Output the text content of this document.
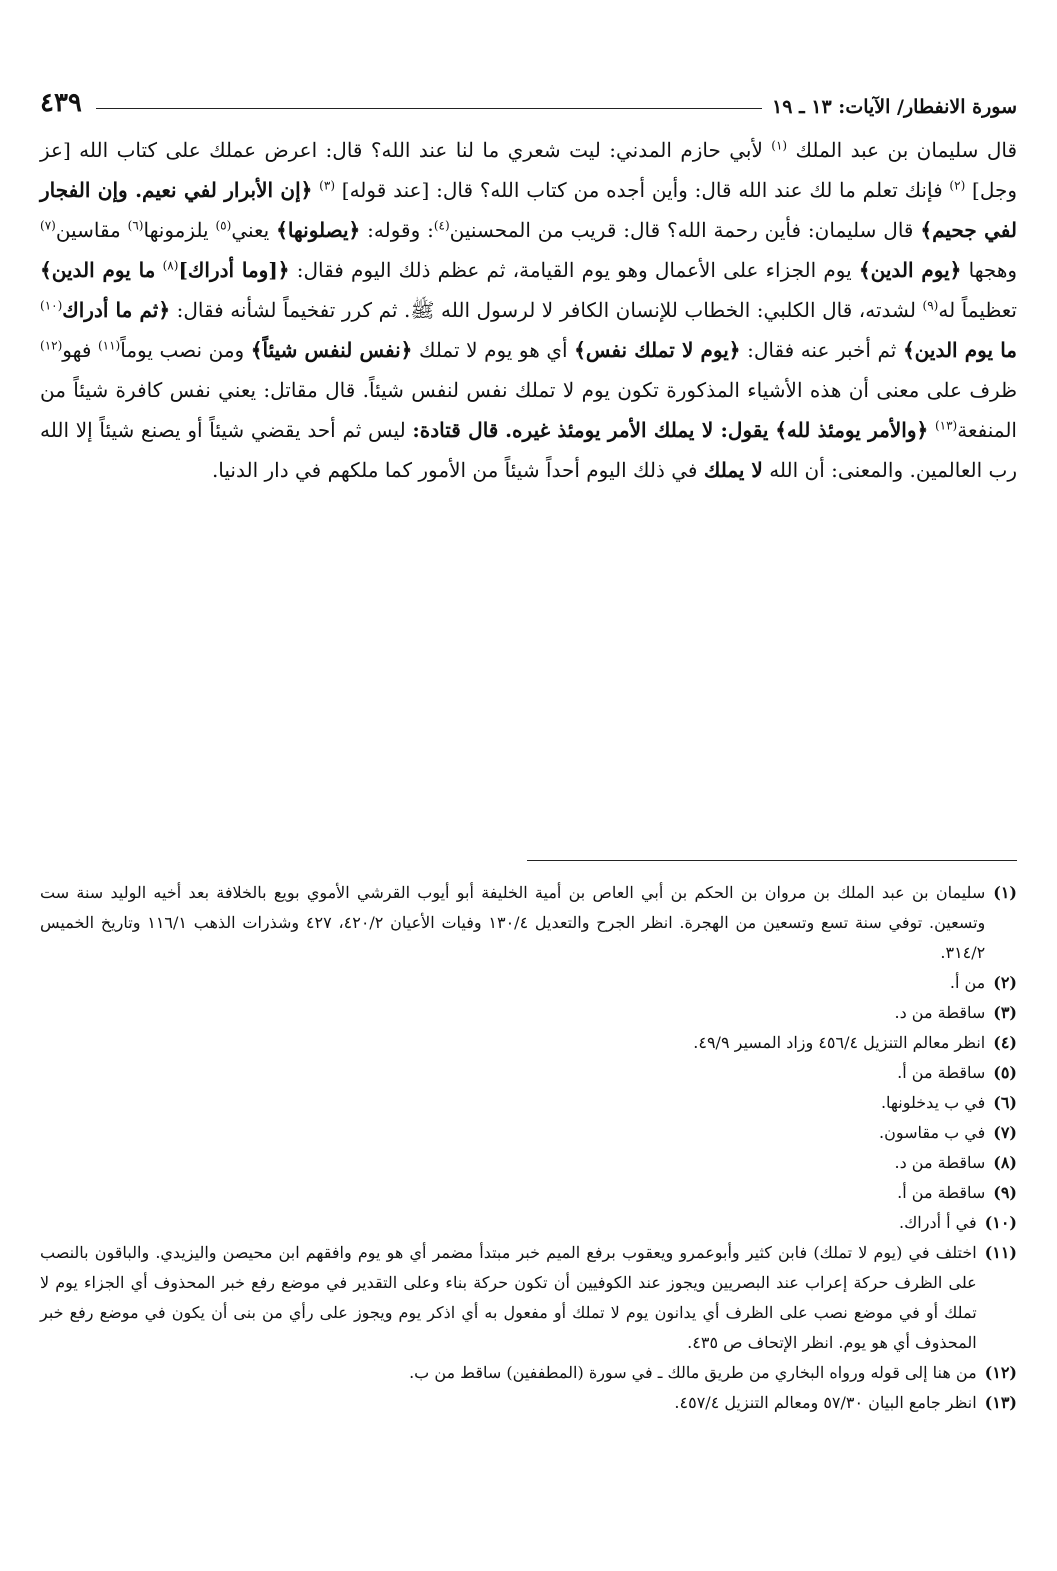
سورة الانفطار/ الآيات: ١٣ ـ ١٩
٤٣٩

قال سليمان بن عبد الملك $^{(١)}$ لأبي حازم المدني: ليت شعري ما لنا عند الله؟ قال: اعرض عملك على كتاب الله [عز وجل] $^{(٢)}$ فإنك تعلم ما لك عند الله قال: وأين أجده من كتاب الله؟ قال: [عند قوله] $^{(٣)}$ ﴿إن الأبرار لفي نعيم. وإن الفجار لفي جحيم﴾ قال سليمان: فأين رحمة الله؟ قال: قريب من المحسنين$^{(٤)}$: وقوله: ﴿يصلونها﴾ يعني$^{(٥)}$ يلزمونها$^{(٦)}$ مقاسين$^{(٧)}$ وهجها ﴿يوم الدين﴾ يوم الجزاء على الأعمال وهو يوم القيامة، ثم عظم ذلك اليوم فقال: ﴿[وما أدراك]$^{(٨)}$ ما يوم الدين﴾ تعظيماً له$^{(٩)}$ لشدته، قال الكلبي: الخطاب للإنسان الكافر لا لرسول الله ﷺ. ثم كرر تفخيماً لشأنه فقال: ﴿ثم ما أدراك$^{(١٠)}$ ما يوم الدين﴾ ثم أخبر عنه فقال: ﴿يوم لا تملك نفس﴾ أي هو يوم لا تملك ﴿نفس لنفس شيئاً﴾ ومن نصب يوماً$^{(١١)}$ فهو$^{(١٢)}$ ظرف على معنى أن هذه الأشياء المذكورة تكون يوم لا تملك نفس لنفس شيئاً. قال مقاتل: يعني نفس كافرة شيئاً من المنفعة$^{(١٣)}$ ﴿والأمر يومئذ لله﴾ يقول: لا يملك الأمر يومئذ غيره. قال قتادة: ليس ثم أحد يقضي شيئاً أو يصنع شيئاً إلا الله رب العالمين. والمعنى: أن الله لا يملك في ذلك اليوم أحداً شيئاً من الأمور كما ملكهم في دار الدنيا.

(١)
سليمان بن عبد الملك بن مروان بن الحكم بن أبي العاص بن أمية الخليفة أبو أيوب القرشي الأموي بويع بالخلافة بعد أخيه الوليد سنة ست وتسعين. توفي سنة تسع وتسعين من الهجرة. انظر الجرح والتعديل ١٣٠/٤ وفيات الأعيان ٤٢٠/٢، ٤٢٧ وشذرات الذهب ١١٦/١ وتاريخ الخميس ٣١٤/٢.
(٢)
من أ.
(٣)
ساقطة من د.
(٤)
انظر معالم التنزيل ٤٥٦/٤ وزاد المسير ٤٩/٩.
(٥)
ساقطة من أ.
(٦)
في ب يدخلونها.
(٧)
في ب مقاسون.
(٨)
ساقطة من د.
(٩)
ساقطة من أ.
(١٠)
في أ أدراك.
(١١)
اختلف في (يوم لا تملك) فابن كثير وأبوعمرو ويعقوب برفع الميم خبر مبتدأ مضمر أي هو يوم وافقهم ابن محيصن واليزيدي. والباقون بالنصب على الظرف حركة إعراب عند البصريين ويجوز عند الكوفيين أن تكون حركة بناء وعلى التقدير في موضع رفع خبر المحذوف أي الجزاء يوم لا تملك أو في موضع نصب على الظرف أي يدانون يوم لا تملك أو مفعول به أي اذكر يوم ويجوز على رأي من بنى أن يكون في موضع رفع خبر المحذوف أي هو يوم. انظر الإتحاف ص ٤٣٥.
(١٢)
من هنا إلى قوله ورواه البخاري من طريق مالك ـ في سورة (المطففين) ساقط من ب.
(١٣)
انظر جامع البيان ٥٧/٣٠ ومعالم التنزيل ٤٥٧/٤.
